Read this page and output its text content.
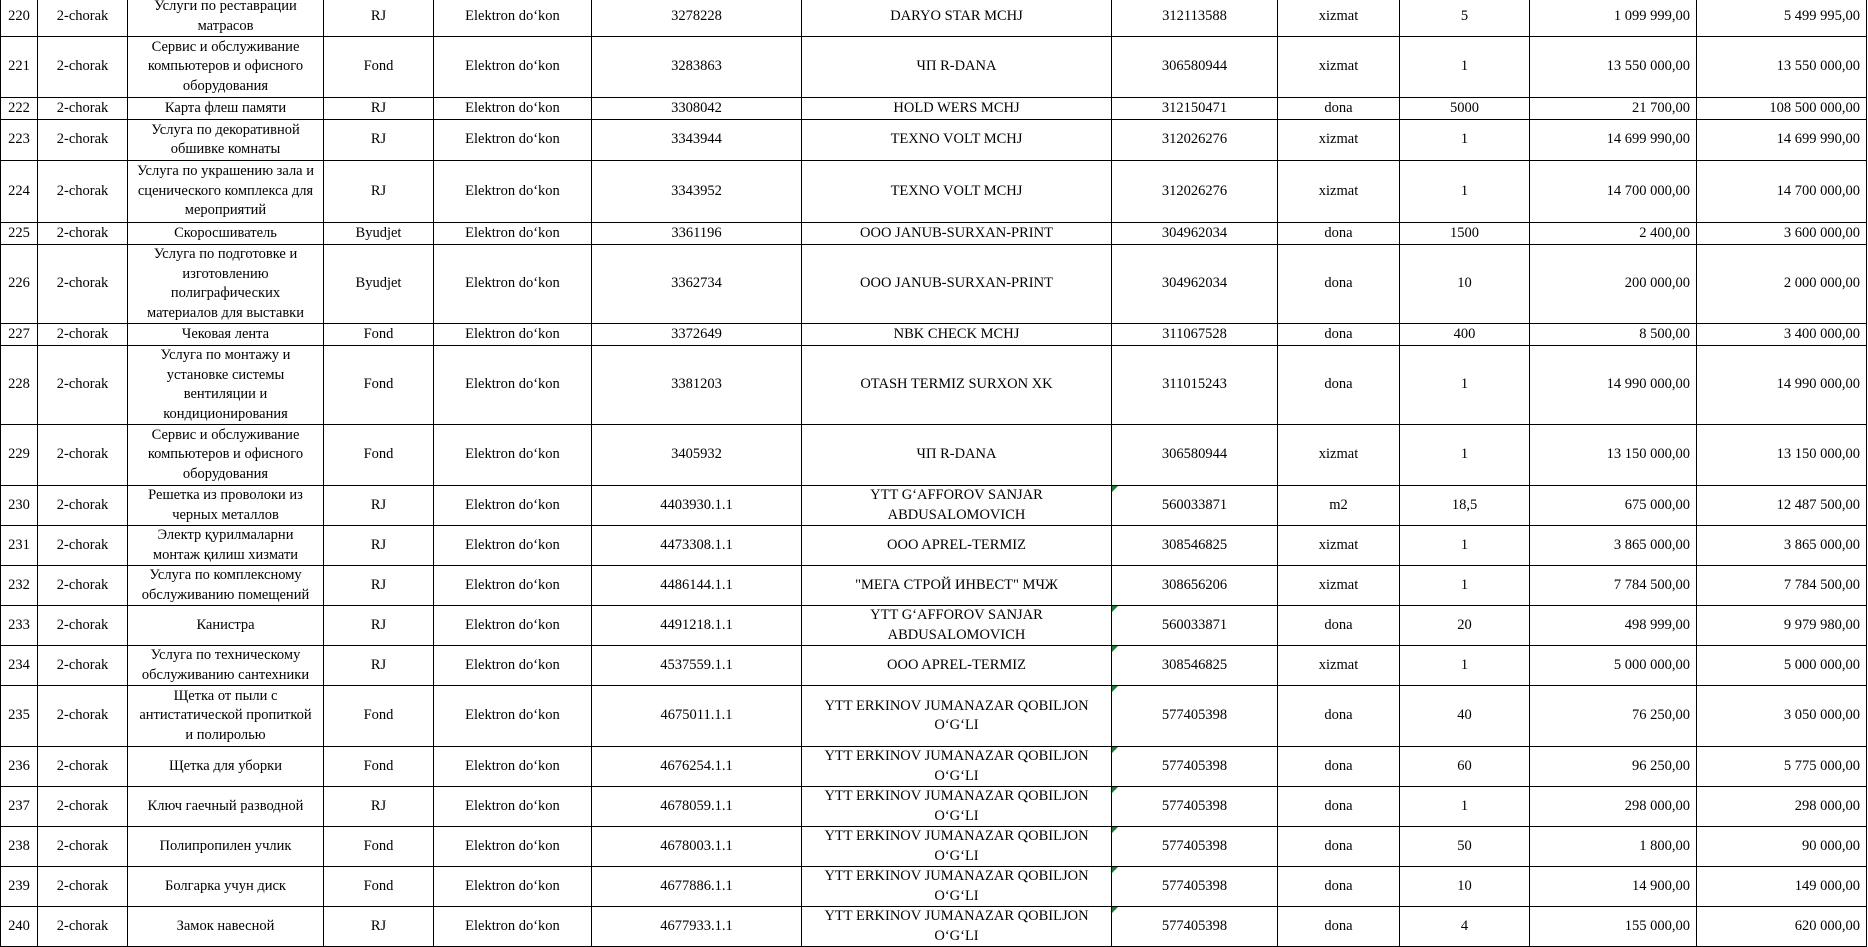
220	2-chorak	Услуги по реставрации матрасов	RJ	Elektron do‘kon	3278228	DARYO STAR MCHJ	312113588	xizmat	5	1 099 999,00	5 499 995,00
221	2-chorak	Сервис и обслуживание компьютеров и офисного оборудования	Fond	Elektron do‘kon	3283863	ЧП R-DANA	306580944	xizmat	1	13 550 000,00	13 550 000,00
222	2-chorak	Карта флеш памяти	RJ	Elektron do‘kon	3308042	HOLD WERS MCHJ	312150471	dona	5000	21 700,00	108 500 000,00
223	2-chorak	Услуга по декоративной обшивке комнаты	RJ	Elektron do‘kon	3343944	TEXNO VOLT MCHJ	312026276	xizmat	1	14 699 990,00	14 699 990,00
224	2-chorak	Услуга по украшению зала и сценического комплекса для мероприятий	RJ	Elektron do‘kon	3343952	TEXNO VOLT MCHJ	312026276	xizmat	1	14 700 000,00	14 700 000,00
225	2-chorak	Скоросшиватель	Byudjet	Elektron do‘kon	3361196	OOO JANUB-SURXAN-PRINT	304962034	dona	1500	2 400,00	3 600 000,00
226	2-chorak	Услуга по подготовке и изготовлению полиграфических материалов для выставки	Byudjet	Elektron do‘kon	3362734	OOO JANUB-SURXAN-PRINT	304962034	dona	10	200 000,00	2 000 000,00
227	2-chorak	Чековая лента	Fond	Elektron do‘kon	3372649	NBK CHECK MCHJ	311067528	dona	400	8 500,00	3 400 000,00
228	2-chorak	Услуга по монтажу и установке системы вентиляции и кондиционирования	Fond	Elektron do‘kon	3381203	OTASH TERMIZ SURXON XK	311015243	dona	1	14 990 000,00	14 990 000,00
229	2-chorak	Сервис и обслуживание компьютеров и офисного оборудования	Fond	Elektron do‘kon	3405932	ЧП R-DANA	306580944	xizmat	1	13 150 000,00	13 150 000,00
230	2-chorak	Решетка из проволоки из черных металлов	RJ	Elektron do‘kon	4403930.1.1	YTT G‘AFFOROV SANJAR ABDUSALOMOVICH	560033871	m2	18,5	675 000,00	12 487 500,00
231	2-chorak	Электр қурилмаларни монтаж қилиш хизмати	RJ	Elektron do‘kon	4473308.1.1	OOO APREL-TERMIZ	308546825	xizmat	1	3 865 000,00	3 865 000,00
232	2-chorak	Услуга по комплексному обслуживанию помещений	RJ	Elektron do‘kon	4486144.1.1	"МЕГА СТРОЙ ИНВЕСТ" МЧЖ	308656206	xizmat	1	7 784 500,00	7 784 500,00
233	2-chorak	Канистра	RJ	Elektron do‘kon	4491218.1.1	YTT G‘AFFOROV SANJAR ABDUSALOMOVICH	560033871	dona	20	498 999,00	9 979 980,00
234	2-chorak	Услуга по техническому обслуживанию сантехники	RJ	Elektron do‘kon	4537559.1.1	OOO APREL-TERMIZ	308546825	xizmat	1	5 000 000,00	5 000 000,00
235	2-chorak	Щетка от пыли с антистатической пропиткой и полиролью	Fond	Elektron do‘kon	4675011.1.1	YTT ERKINOV JUMANAZAR QOBILJON O‘G‘LI	577405398	dona	40	76 250,00	3 050 000,00
236	2-chorak	Щетка для уборки	Fond	Elektron do‘kon	4676254.1.1	YTT ERKINOV JUMANAZAR QOBILJON O‘G‘LI	577405398	dona	60	96 250,00	5 775 000,00
237	2-chorak	Ключ гаечный разводной	RJ	Elektron do‘kon	4678059.1.1	YTT ERKINOV JUMANAZAR QOBILJON O‘G‘LI	577405398	dona	1	298 000,00	298 000,00
238	2-chorak	Полипропилен учлик	Fond	Elektron do‘kon	4678003.1.1	YTT ERKINOV JUMANAZAR QOBILJON O‘G‘LI	577405398	dona	50	1 800,00	90 000,00
239	2-chorak	Болгарка учун диск	Fond	Elektron do‘kon	4677886.1.1	YTT ERKINOV JUMANAZAR QOBILJON O‘G‘LI	577405398	dona	10	14 900,00	149 000,00
240	2-chorak	Замок навесной	RJ	Elektron do‘kon	4677933.1.1	YTT ERKINOV JUMANAZAR QOBILJON O‘G‘LI	577405398	dona	4	155 000,00	620 000,00
